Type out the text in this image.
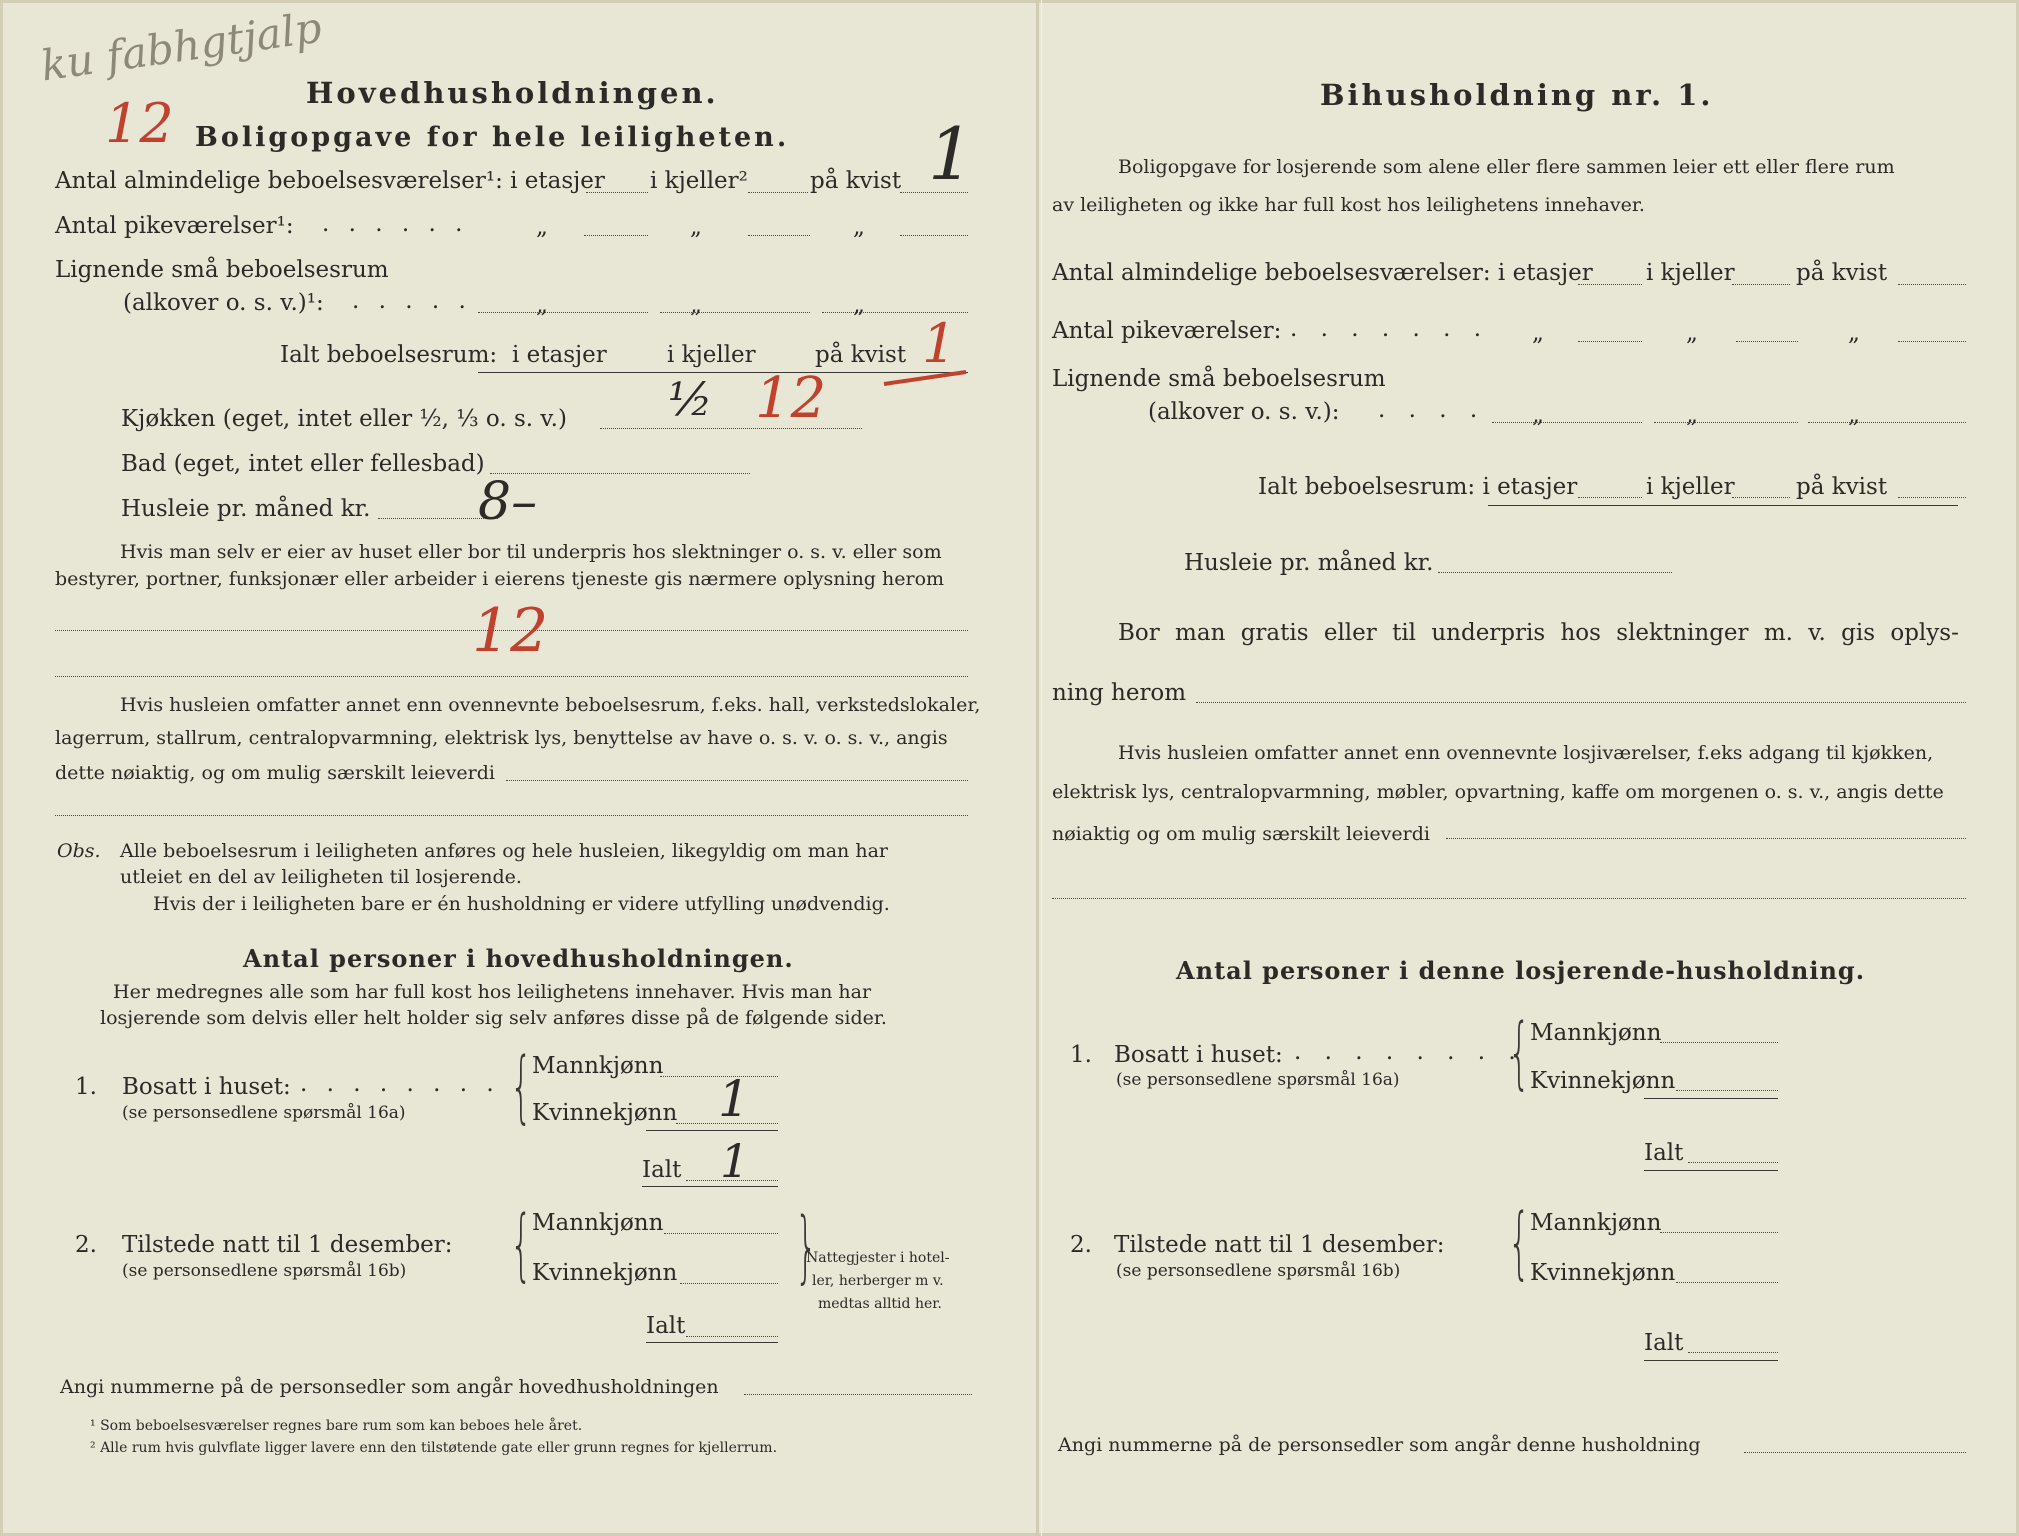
ku fabhgtjalp
12	Hovedhusholdningen.
Boligopgave for hele leiligheten.
Antal almindelige beboelsesværelser¹: i etasjer i kjeller²	på kvist 1
Antal pikeværelser¹: . . . . . .	„	„	„
Lignende små beboelsesrum
(alkover o. s. v.)¹: . . . . .	„	„	„
Ialt beboelsesrum: i etasjer	i kjeller	på kvist 1
Kjøkken (eget, intet eller ½, ⅓ o. s. v.) ½ 12
Bad (eget, intet eller fellesbad)
Husleie pr. måned kr. 8–
Hvis man selv er eier av huset eller bor til underpris hos slektninger o. s. v. eller som
bestyrer, portner, funksjonær eller arbeider i eierens tjeneste gis nærmere oplysning herom
12
Hvis husleien omfatter annet enn ovennevnte beboelsesrum, f.eks. hall, verkstedslokaler,
lagerrum, stallrum, centralopvarmning, elektrisk lys, benyttelse av have o. s. v. o. s. v., angis
dette nøiaktig, og om mulig særskilt leieverdi
Obs. Alle beboelsesrum i leiligheten anføres og hele husleien, likegyldig om man har
utleiet en del av leiligheten til losjerende.
Hvis der i leiligheten bare er én husholdning er videre utfylling unødvendig.
Antal personer i hovedhusholdningen.
Her medregnes alle som har full kost hos leilighetens innehaver. Hvis man har
losjerende som delvis eller helt holder sig selv anføres disse på de følgende sider.
1. Bosatt i huset: . . . . . . . .
(se personsedlene spørsmål 16a) { Mannkjønn
Kvinnekjønn 1
Ialt 1
2. Tilstede natt til 1 desember:
(se personsedlene spørsmål 16b) { Mannkjønn
Kvinnekjønn
Ialt
{
Nattegjester i hotel-
ler, herberger m v.
medtas alltid her.
Angi nummerne på de personsedler som angår hovedhusholdningen
¹ Som beboelsesværelser regnes bare rum som kan beboes hele året.
² Alle rum hvis gulvflate ligger lavere enn den tilstøtende gate eller grunn regnes for kjellerrum.
Bihusholdning nr. 1.
Boligopgave for losjerende som alene eller flere sammen leier ett eller flere rum
av leiligheten og ikke har full kost hos leilighetens innehaver.
Antal almindelige beboelsesværelser: i etasjer i kjeller	på kvist
Antal pikeværelser: . . . . . . . „	„	„
Lignende små beboelsesrum
(alkover o. s. v.): . . . . „	„	„
Ialt beboelsesrum: i etasjer	i kjeller	på kvist
Husleie pr. måned kr.
Bor man gratis eller til underpris hos slektninger m. v. gis oplys-
ning herom
Hvis husleien omfatter annet enn ovennevnte losjiværelser, f.eks adgang til kjøkken,
elektrisk lys, centralopvarmning, møbler, opvartning, kaffe om morgenen o. s. v., angis dette
nøiaktig og om mulig særskilt leieverdi
Antal personer i denne losjerende-husholdning.
1. Bosatt i huset: . . . . . . . .
(se personsedlene spørsmål 16a) { Mannkjønn
Kvinnekjønn
Ialt
2. Tilstede natt til 1 desember:
(se personsedlene spørsmål 16b) { Mannkjønn
Kvinnekjønn
Ialt
Angi nummerne på de personsedler som angår denne husholdning
